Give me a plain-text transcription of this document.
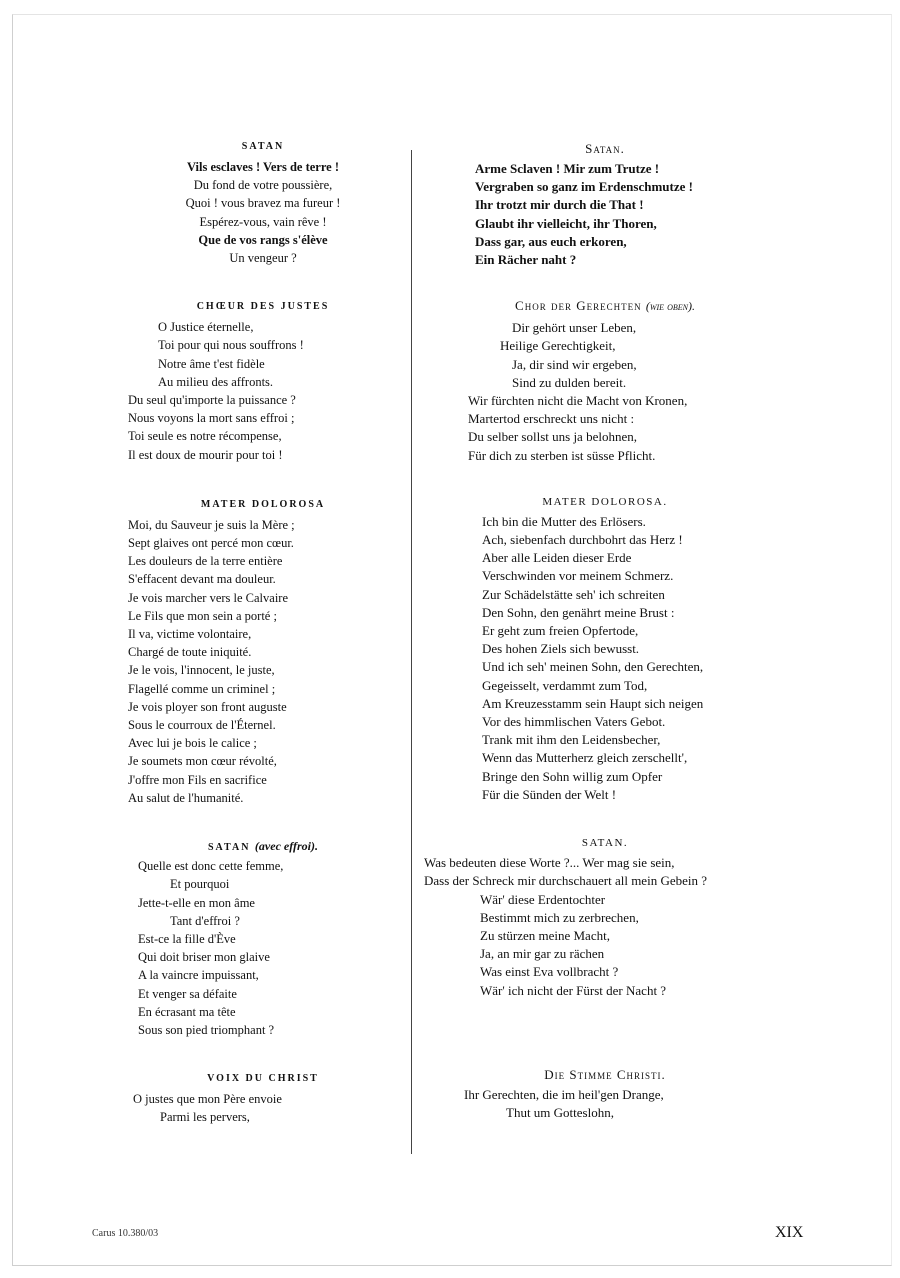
SATAN
Vils esclaves ! Vers de terre !
Du fond de votre poussière,
Quoi ! vous bravez ma fureur !
Espérez-vous, vain rêve !
Que de vos rangs s'élève
Un vengeur ?
CHŒUR DES JUSTES
O Justice éternelle,
Toi pour qui nous souffrons !
Notre âme t'est fidèle
Au milieu des affronts.
Du seul qu'importe la puissance ?
Nous voyons la mort sans effroi ;
Toi seule es notre récompense,
Il est doux de mourir pour toi !
MATER DOLOROSA
Moi, du Sauveur je suis la Mère ;
Sept glaives ont percé mon cœur.
Les douleurs de la terre entière
S'effacent devant ma douleur.
Je vois marcher vers le Calvaire
Le Fils que mon sein a porté ;
Il va, victime volontaire,
Chargé de toute iniquité.
Je le vois, l'innocent, le juste,
Flagellé comme un criminel ;
Je vois ployer son front auguste
Sous le courroux de l'Éternel.
Avec lui je bois le calice ;
Je soumets mon cœur révolté,
J'offre mon Fils en sacrifice
Au salut de l'humanité.
SATAN (avec effroi).
Quelle est donc cette femme,
Et pourquoi
Jette-t-elle en mon âme
Tant d'effroi ?
Est-ce la fille d'Ève
Qui doit briser mon glaive
A la vaincre impuissant,
Et venger sa défaite
En écrasant ma tête
Sous son pied triomphant ?
VOIX DU CHRIST
O justes que mon Père envoie
Parmi les pervers,
Satan.
Arme Sclaven ! Mir zum Trutze !
Vergraben so ganz im Erdenschmutze !
Ihr trotzt mir durch die That !
Glaubt ihr vielleicht, ihr Thoren,
Dass gar, aus euch erkoren,
Ein Rächer naht ?
Chor der Gerechten (wie oben).
Dir gehört unser Leben,
Heilige Gerechtigkeit,
Ja, dir sind wir ergeben,
Sind zu dulden bereit.
Wir fürchten nicht die Macht von Kronen,
Martertod erschreckt uns nicht :
Du selber sollst uns ja belohnen,
Für dich zu sterben ist süsse Pflicht.
MATER DOLOROSA.
Ich bin die Mutter des Erlösers.
Ach, siebenfach durchbohrt das Herz !
Aber alle Leiden dieser Erde
Verschwinden vor meinem Schmerz.
Zur Schädelstätte seh' ich schreiten
Den Sohn, den genährt meine Brust :
Er geht zum freien Opfertode,
Des hohen Ziels sich bewusst.
Und ich seh' meinen Sohn, den Gerechten,
Gegeisselt, verdammt zum Tod,
Am Kreuzesstamm sein Haupt sich neigen
Vor des himmlischen Vaters Gebot.
Trank mit ihm den Leidensbecher,
Wenn das Mutterherz gleich zerschellt',
Bringe den Sohn willig zum Opfer
Für die Sünden der Welt !
SATAN.
Was bedeuten diese Worte ?... Wer mag sie sein,
Dass der Schreck mir durchschauert all mein Gebein ?
Wär' diese Erdentochter
Bestimmt mich zu zerbrechen,
Zu stürzen meine Macht,
Ja, an mir gar zu rächen
Was einst Eva vollbracht ?
Wär' ich nicht der Fürst der Nacht ?
Die Stimme Christi.
Ihr Gerechten, die im heil'gen Drange,
Thut um Gotteslohn,
Carus 10.380/03	XIX
